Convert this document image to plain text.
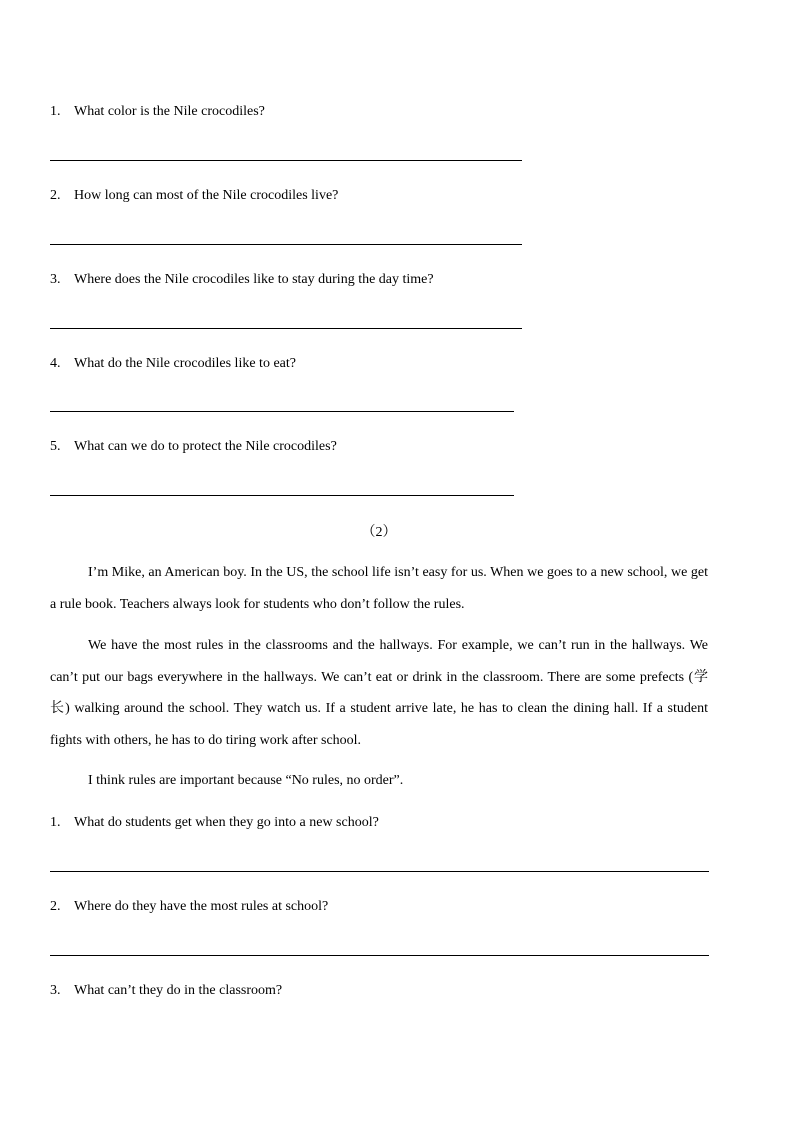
1. What color is the Nile crocodiles?
2. How long can most of the Nile crocodiles live?
3. Where does the Nile crocodiles like to stay during the day time?
4. What do the Nile crocodiles like to eat?
5. What can we do to protect the Nile crocodiles?
（2）

I’m Mike, an American boy. In the US, the school life isn’t easy for us. When we goes to a new school, we get a rule book. Teachers always look for students who don’t follow the rules.

We have the most rules in the classrooms and the hallways. For example, we can’t run in the hallways. We can’t put our bags everywhere in the hallways. We can’t eat or drink in the classroom. There are some prefects (学长) walking around the school. They watch us. If a student arrive late, he has to clean the dining hall. If a student fights with others, he has to do tiring work after school.

I think rules are important because “No rules, no order”.

1. What do students get when they go into a new school?
2. Where do they have the most rules at school?
3. What can’t they do in the classroom?
